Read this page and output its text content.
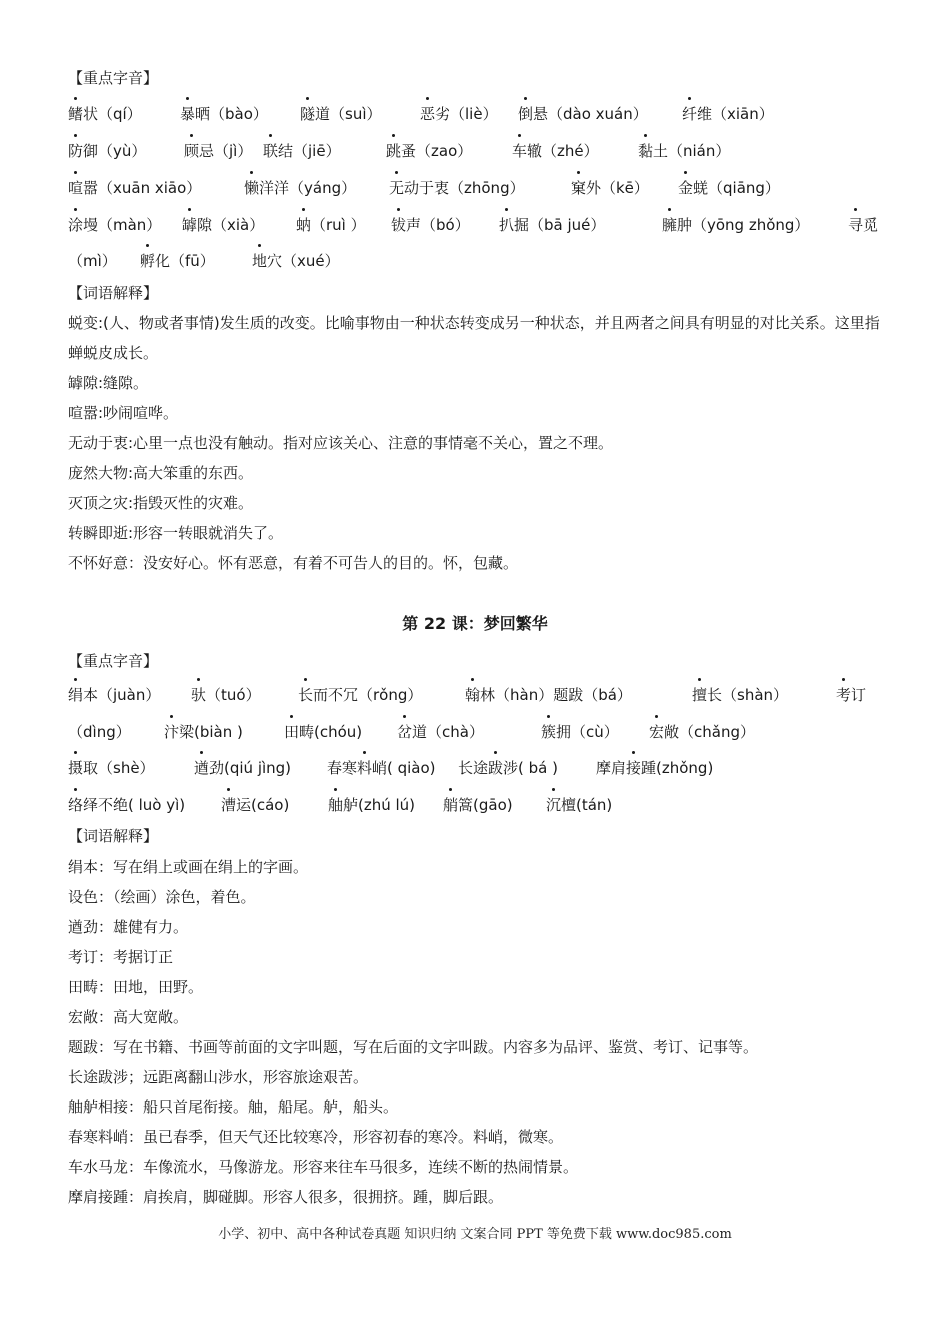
【重点字音】
鳍状（qí）	暴晒（bào） 隧道（suì）	恶劣（liè） 倒悬（dào xuán） 纤维（xiān）
防御（yù）	顾忌（jì） 联结（jiē）	跳蚤（zao）	车辙（zhé）	黏土（nián）
喧嚣（xuān xiāo）	懒洋洋（yáng） 无动于衷（zhōng）	窠外（kē） 金蜣（qiāng）
涂墁（màn） 罅隙（xià） 蚋（ruì ） 钹声（bó） 扒掘（bā jué）	臃肿（yōng zhǒng）	寻觅
（mì） 孵化（fū） 地穴（xué）
【词语解释】
蜕变:(人、物或者事情)发生质的改变。比喻事物由一种状态转变成另一种状态，并且两者之间具有明显的对比关系。这里指蝉蜕皮成长。
罅隙:缝隙。
喧嚣:吵闹喧哗。
无动于衷:心里一点也没有触动。指对应该关心、注意的事情毫不关心，置之不理。
庞然大物:高大笨重的东西。
灭顶之灾:指毁灭性的灾难。
转瞬即逝:形容一转眼就消失了。
不怀好意：没安好心。怀有恶意，有着不可告人的目的。怀，包藏。
第 22 课：梦回繁华
【重点字音】
绢本（juàn） 驮（tuó） 长而不冗（rǒng）	翰林（hàn）题跋（bá）	擅长（shàn）	考订
（dìng） 汴梁(biàn )	田畴(chóu) 岔道（chà）	簇拥（cù） 宏敞（chǎng）
摄取（shè）	遒劲(qiú jìng) 春寒料峭( qiào) 长途跋涉( bá )	摩肩接踵(zhǒng)
络绎不绝( luò yì) 漕运(cáo)	舳舻(zhú lú) 艄篙(gāo) 沉檀(tán)
【词语解释】
绢本：写在绢上或画在绢上的字画。
设色：（绘画）涂色，着色。
遒劲：雄健有力。
考订：考据订正
田畴：田地，田野。
宏敞：高大宽敞。
题跋：写在书籍、书画等前面的文字叫题，写在后面的文字叫跋。内容多为品评、鉴赏、考订、记事等。
长途跋涉；远距离翻山涉水，形容旅途艰苦。
舳舻相接：船只首尾衔接。舳，船尾。舻，船头。
春寒料峭：虽已春季，但天气还比较寒冷，形容初春的寒冷。料峭，微寒。
车水马龙：车像流水，马像游龙。形容来往车马很多，连续不断的热闹情景。
摩肩接踵：肩挨肩，脚碰脚。形容人很多，很拥挤。踵，脚后跟。
小学、初中、高中各种试卷真题 知识归纳 文案合同 PPT 等免费下载 www.doc985.com
